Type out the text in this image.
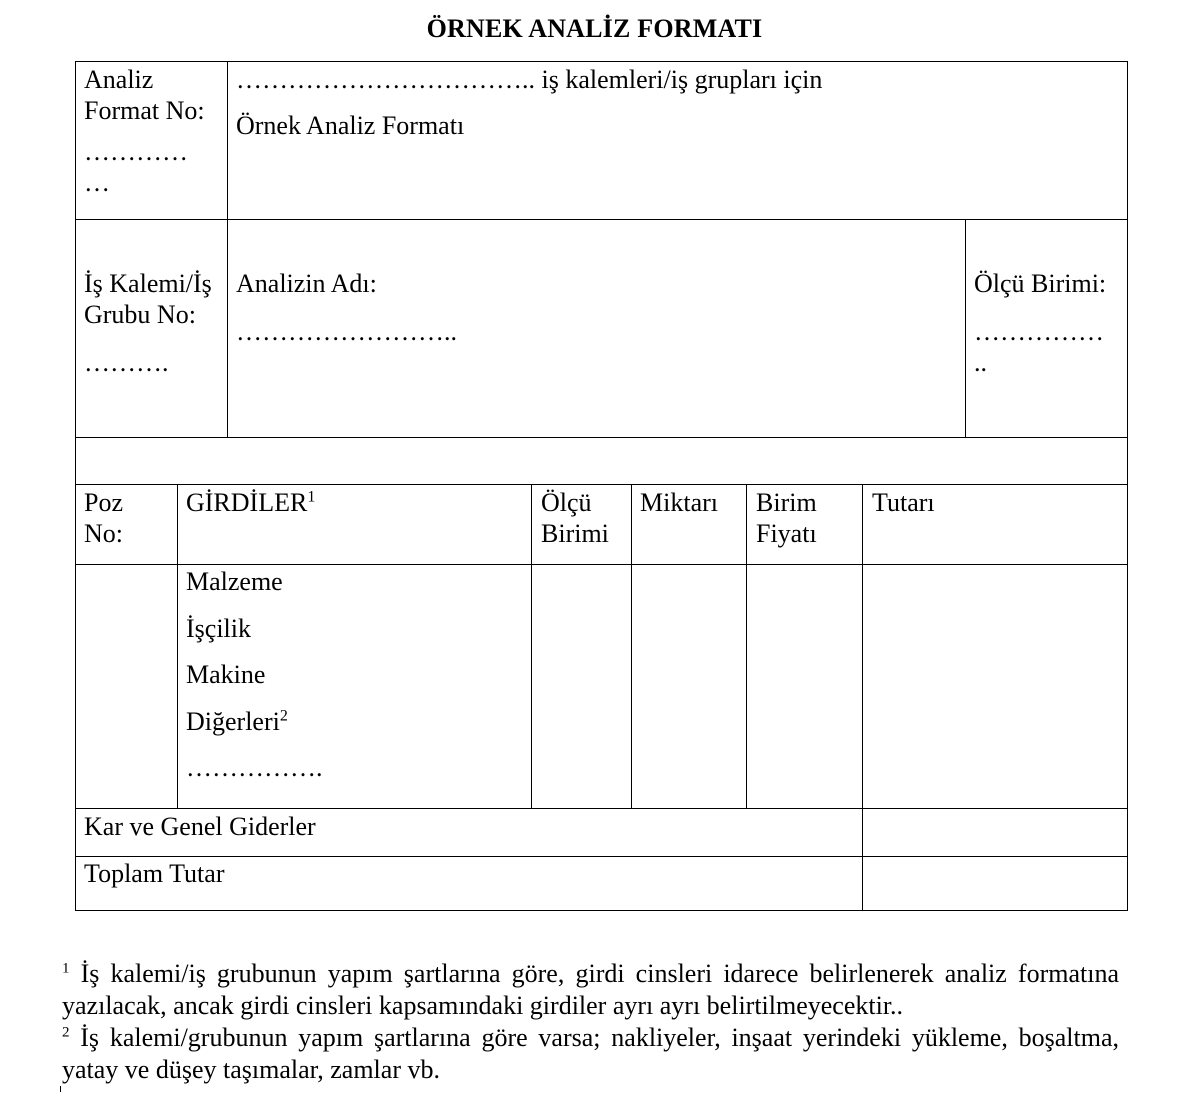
ÖRNEK ANALİZ FORMATI
Analiz
Format No:
…………
…
…………………………….. iş kalemleri/iş grupları için
Örnek Analiz Formatı
İş Kalemi/İş
Grubu No:
……….
Analizin Adı:
……………………..
Ölçü Birimi:
……………
..
Poz
No:
GİRDİLER$^1$	Ölçü
Birimi
Miktarı Birim
Fiyatı
Tutarı
Malzeme
İşçilik
Makine
Diğerleri$^2$
…………….
Kar ve Genel Giderler
Toplam Tutar

$^1$ İş kalemi/iş grubunun yapım şartlarına göre, girdi cinsleri idarece belirlenerek analiz formatına yazılacak, ancak girdi cinsleri kapsamındaki girdiler ayrı ayrı belirtilmeyecektir..

$^2$ İş kalemi/grubunun yapım şartlarına göre varsa; nakliyeler, inşaat yerindeki yükleme, boşaltma, yatay ve düşey taşımalar, zamlar vb.
